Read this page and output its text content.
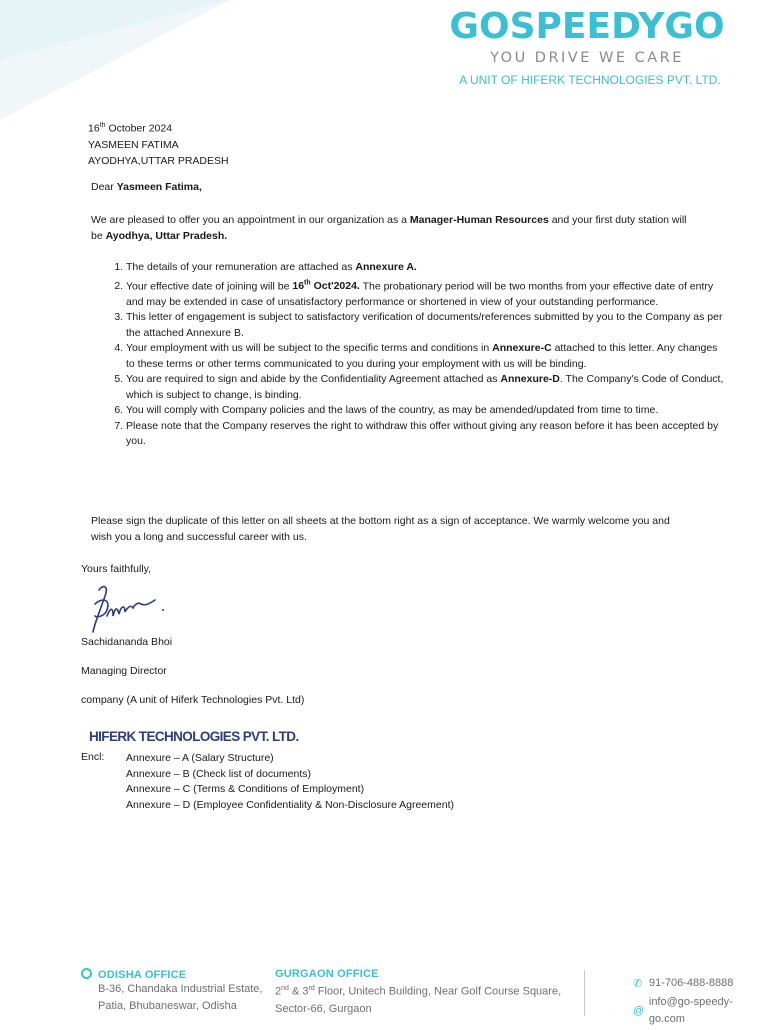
GOSPEEDYGO
YOU DRIVE WE CARE
A UNIT OF HIFERK TECHNOLOGIES PVT. LTD.
16th October 2024
YASMEEN FATIMA
AYODHYA,UTTAR PRADESH
Dear Yasmeen Fatima,
We are pleased to offer you an appointment in our organization as a Manager-Human Resources and your first duty station will be Ayodhya, Uttar Pradesh.
1. The details of your remuneration are attached as Annexure A.
2. Your effective date of joining will be 16th Oct'2024. The probationary period will be two months from your effective date of entry and may be extended in case of unsatisfactory performance or shortened in view of your outstanding performance.
3. This letter of engagement is subject to satisfactory verification of documents/references submitted by you to the Company as per the attached Annexure B.
4. Your employment with us will be subject to the specific terms and conditions in Annexure-C attached to this letter. Any changes to these terms or other terms communicated to you during your employment with us will be binding.
5. You are required to sign and abide by the Confidentiality Agreement attached as Annexure-D. The Company's Code of Conduct, which is subject to change, is binding.
6. You will comply with Company policies and the laws of the country, as may be amended/updated from time to time.
7. Please note that the Company reserves the right to withdraw this offer without giving any reason before it has been accepted by you.
Please sign the duplicate of this letter on all sheets at the bottom right as a sign of acceptance. We warmly welcome you and wish you a long and successful career with us.
Yours faithfully,
Sachidananda Bhoi
Managing Director
company (A unit of Hiferk Technologies Pvt. Ltd)
HIFERK TECHNOLOGIES PVT. LTD.
Encl: Annexure – A (Salary Structure)
Annexure – B (Check list of documents)
Annexure – C (Terms & Conditions of Employment)
Annexure – D (Employee Confidentiality & Non-Disclosure Agreement)
ODISHA OFFICE
B-36, Chandaka Industrial Estate,
Patia, Bhubaneswar, Odisha
GURGAON OFFICE
2nd & 3rd Floor, Unitech Building, Near Golf Course Square,
Sector-66, Gurgaon
✆ 91-706-488-8888
@
info@go-speedy-go.com
